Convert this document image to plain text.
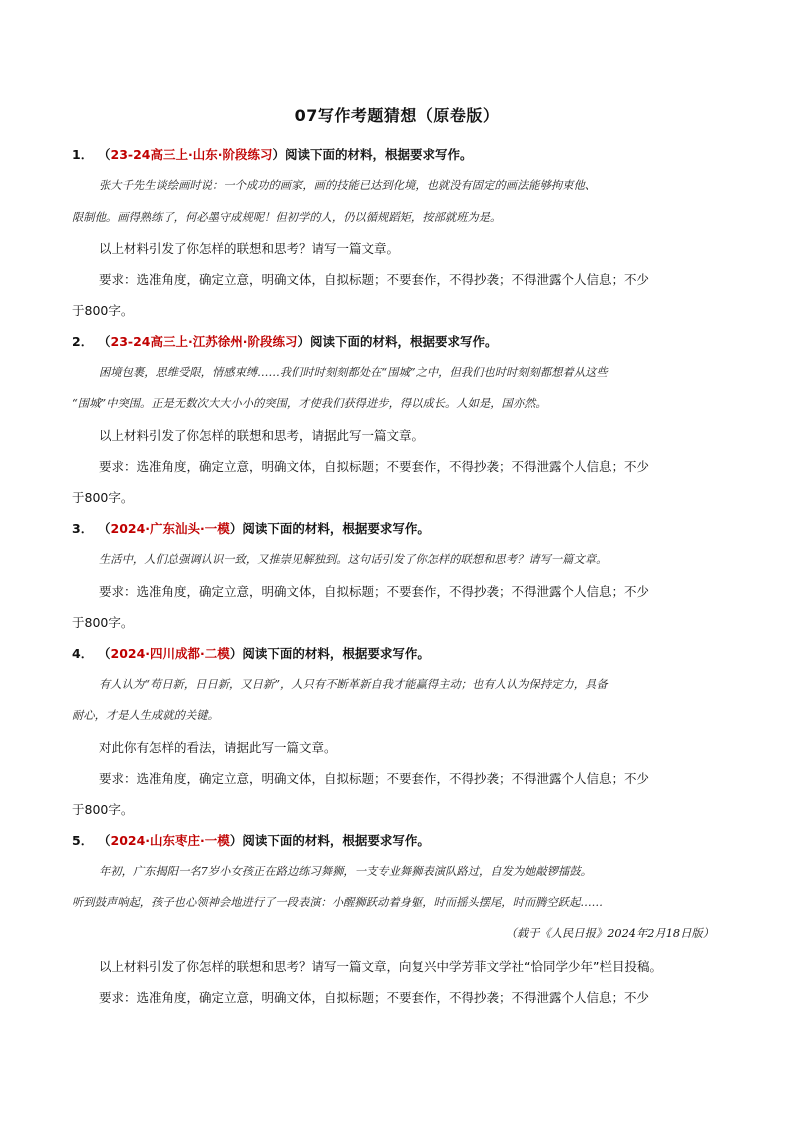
07写作考题猜想（原卷版）
1． （23-24高三上·山东·阶段练习）阅读下面的材料，根据要求写作。
张大千先生谈绘画时说：一个成功的画家，画的技能已达到化境，也就没有固定的画法能够拘束他、
限制他。画得熟练了，何必墨守成规呢！但初学的人，仍以循规蹈矩，按部就班为是。
以上材料引发了你怎样的联想和思考？请写一篇文章。
要求：选准角度，确定立意，明确文体，自拟标题；不要套作，不得抄袭；不得泄露个人信息；不少
于800字。
2． （23-24高三上·江苏徐州·阶段练习）阅读下面的材料，根据要求写作。
困境包裹，思维受限，情感束缚……我们时时刻刻都处在“围城”之中，但我们也时时刻刻都想着从这些
“围城”中突围。正是无数次大大小小的突围，才使我们获得进步，得以成长。人如是，国亦然。
以上材料引发了你怎样的联想和思考，请据此写一篇文章。
要求：选准角度，确定立意，明确文体，自拟标题；不要套作，不得抄袭；不得泄露个人信息；不少
于800字。
3． （2024·广东汕头·一模）阅读下面的材料，根据要求写作。
生活中，人们总强调认识一致，又推崇见解独到。这句话引发了你怎样的联想和思考？请写一篇文章。
要求：选准角度，确定立意，明确文体，自拟标题；不要套作，不得抄袭；不得泄露个人信息；不少
于800字。
4． （2024·四川成都·二模）阅读下面的材料，根据要求写作。
有人认为“苟日新，日日新，又日新”，人只有不断革新自我才能赢得主动；也有人认为保持定力，具备
耐心，才是人生成就的关键。
对此你有怎样的看法，请据此写一篇文章。
要求：选准角度，确定立意，明确文体，自拟标题；不要套作，不得抄袭；不得泄露个人信息；不少
于800字。
5． （2024·山东枣庄·一模）阅读下面的材料，根据要求写作。
年初，广东揭阳一名7岁小女孩正在路边练习舞狮，一支专业舞狮表演队路过，自发为她敲锣擂鼓。
听到鼓声响起，孩子也心领神会地进行了一段表演：小醒狮跃动着身躯，时而摇头摆尾，时而腾空跃起……
（载于《人民日报》2024年2月18日版）
以上材料引发了你怎样的联想和思考？请写一篇文章，向复兴中学芳菲文学社“恰同学少年”栏目投稿。
要求：选准角度，确定立意，明确文体，自拟标题；不要套作，不得抄袭；不得泄露个人信息；不少
